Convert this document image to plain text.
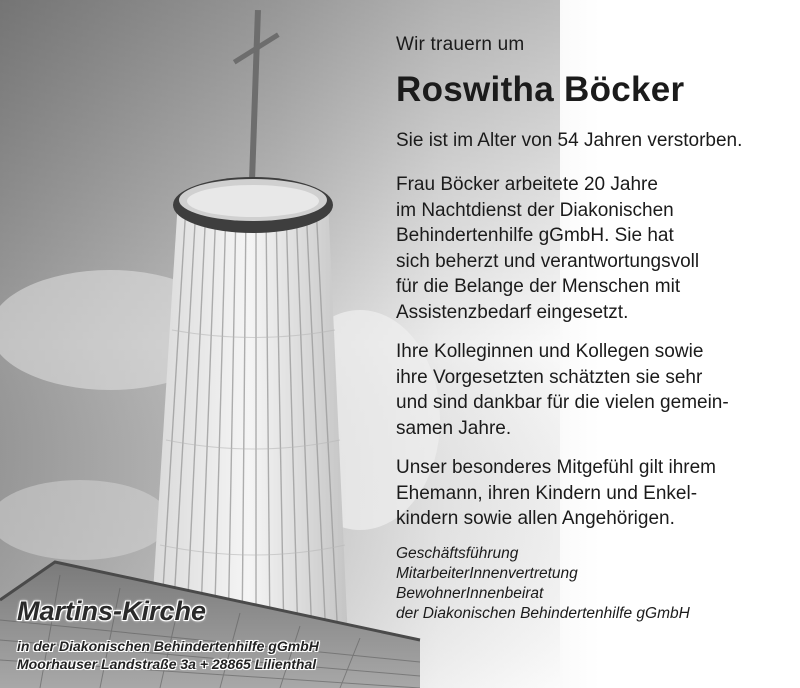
Wir trauern um
Roswitha Böcker
Sie ist im Alter von 54 Jahren verstorben.
Frau Böcker arbeitete 20 Jahre
im Nachtdienst der Diakonischen
Behindertenhilfe gGmbH. Sie hat
sich beherzt und verantwortungsvoll
für die Belange der Menschen mit
Assistenzbedarf eingesetzt.
Ihre Kolleginnen und Kollegen sowie
ihre Vorgesetzten schätzten sie sehr
und sind dankbar für die vielen gemein-
samen Jahre.
Unser besonderes Mitgefühl gilt ihrem
Ehemann, ihren Kindern und Enkel-
kindern sowie allen Angehörigen.
Geschäftsführung
MitarbeiterInnenvertretung
BewohnerInnenbeirat
der Diakonischen Behindertenhilfe gGmbH
Martins-Kirche
in der Diakonischen Behindertenhilfe gGmbH
Moorhauser Landstraße 3a + 28865 Lilienthal
